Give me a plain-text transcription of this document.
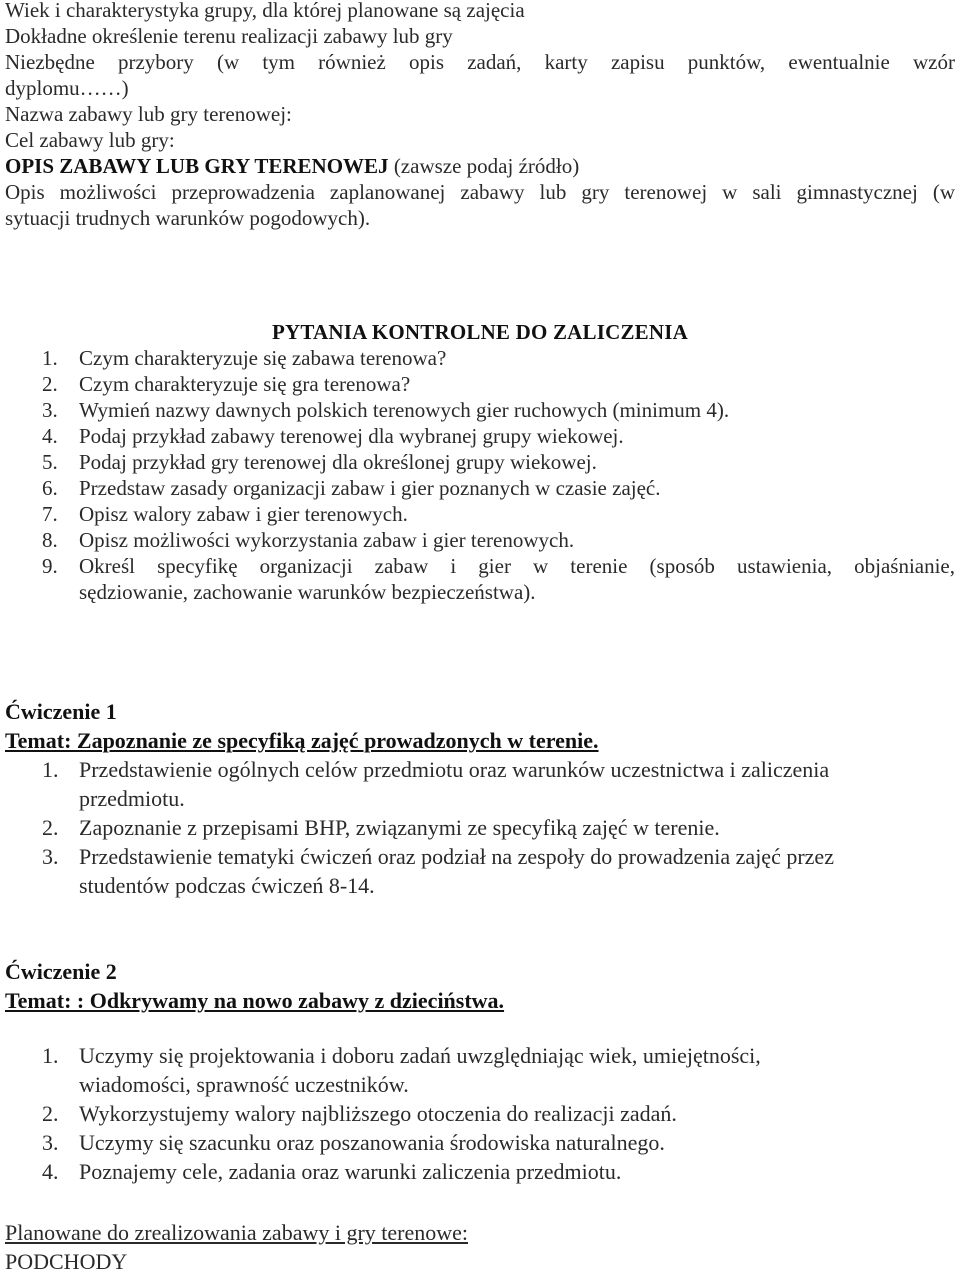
Wiek i charakterystyka grupy, dla której planowane są zajęcia
Dokładne określenie terenu realizacji zabawy lub gry
Niezbędne przybory (w tym również opis zadań, karty zapisu punktów, ewentualnie wzór
dyplomu……)
Nazwa zabawy lub gry terenowej:
Cel zabawy lub gry:
OPIS ZABAWY LUB GRY TERENOWEJ (zawsze podaj źródło)
Opis możliwości przeprowadzenia zaplanowanej zabawy lub gry terenowej w sali gimnastycznej (w
sytuacji trudnych warunków pogodowych).
PYTANIA KONTROLNE DO ZALICZENIA
1. Czym charakteryzuje się zabawa terenowa?
2. Czym charakteryzuje się gra terenowa?
3. Wymień nazwy dawnych polskich terenowych gier ruchowych (minimum 4).
4. Podaj przykład zabawy terenowej dla wybranej grupy wiekowej.
5. Podaj przykład gry terenowej dla określonej grupy wiekowej.
6. Przedstaw zasady organizacji zabaw i gier poznanych w czasie zajęć.
7. Opisz walory zabaw i gier terenowych.
8. Opisz możliwości wykorzystania zabaw i gier terenowych.
9. Określ specyfikę organizacji zabaw i gier w terenie (sposób ustawienia, objaśnianie,
sędziowanie, zachowanie warunków bezpieczeństwa).
Ćwiczenie 1
Temat: Zapoznanie ze specyfiką zajęć prowadzonych w terenie.
1. Przedstawienie ogólnych celów przedmiotu oraz warunków uczestnictwa i zaliczenia
przedmiotu.
2. Zapoznanie z przepisami BHP, związanymi ze specyfiką zajęć w terenie.
3. Przedstawienie tematyki ćwiczeń oraz podział na zespoły do prowadzenia zajęć przez
studentów podczas ćwiczeń 8-14.
Ćwiczenie 2
Temat: : Odkrywamy na nowo zabawy z dzieciństwa.
1. Uczymy się projektowania i doboru zadań uwzględniając wiek, umiejętności,
wiadomości, sprawność uczestników.
2. Wykorzystujemy walory najbliższego otoczenia do realizacji zadań.
3. Uczymy się szacunku oraz poszanowania środowiska naturalnego.
4. Poznajemy cele, zadania oraz warunki zaliczenia przedmiotu.
Planowane do zrealizowania zabawy i gry terenowe:
PODCHODY
